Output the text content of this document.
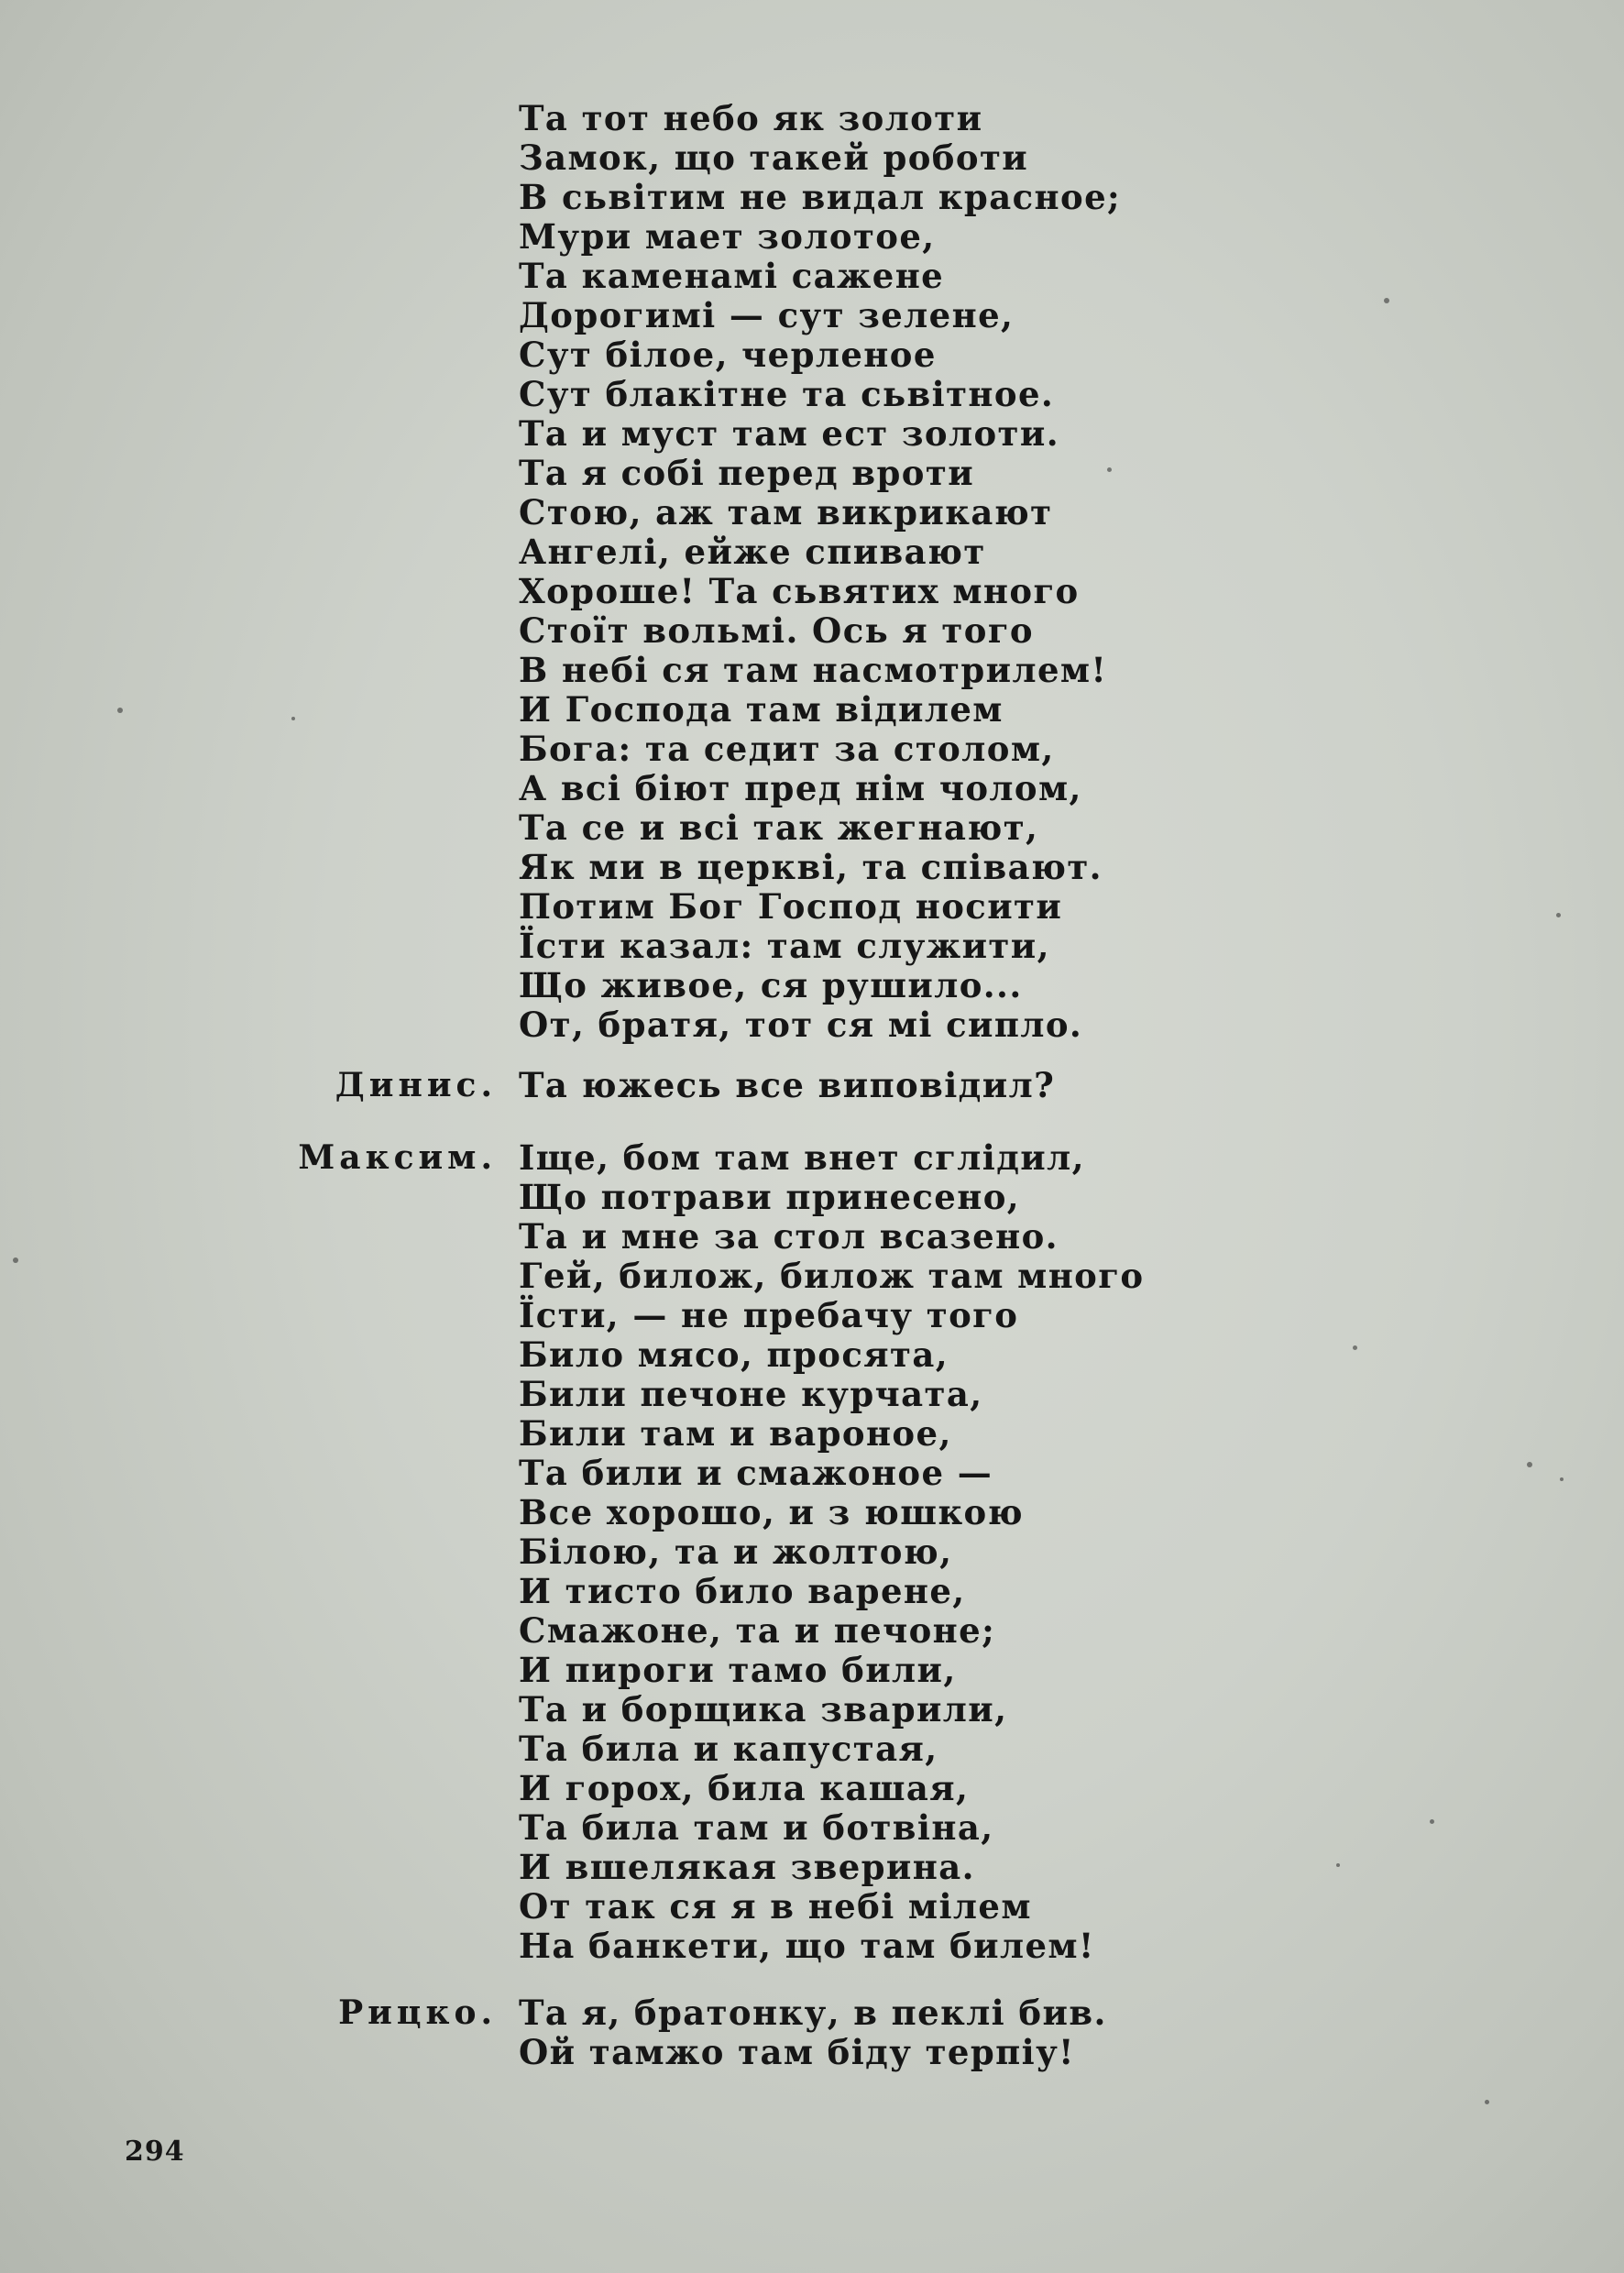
Та тот небо як золоти
Замок, що такей роботи
В сьвітим не видал красное;
Мури мает золотое,
Та каменамі сажене
Дорогимі — сут зелене,
Сут білое, черленое
Сут блакітне та сьвітное.
Та и муст там ест золоти.
Та я собі перед вроти
Стою, аж там викрикают
Ангелі, ейже спивают
Хороше! Та сьвятих много
Стоїт вольмі. Ось я того
В небі ся там насмотрилем!
И Господа там відилем
Бога: та седит за столом,
А всі біют пред нім чолом,
Та се и всі так жегнают,
Як ми в церкві, та співают.
Потим Бог Господ носити
Їсти казал: там служити,
Що живое, ся рушило...
От, братя, тот ся мі сипло.
Динис. Та южесь все виповідил?
Максим. Іще, бом там внет сглідил,
Що потрави принесено,
Та и мне за стол всазено.
Гей, билож, билож там много
Їсти, — не пребачу того
Било мясо, просята,
Били печоне курчата,
Били там и вароное,
Та били и смажоное —
Все хорошо, и з юшкою
Білою, та и жолтою,
И тисто било варене,
Смажоне, та и печоне;
И пироги тамо били,
Та и борщика зварили,
Та била и капустая,
И горох, била кашая,
Та била там и ботвіна,
И вшелякая зверина.
От так ся я в небі мілем
На банкети, що там билем!
Рицко. Та я, братонку, в пеклі бив.
Ой тамжо там біду терпіу!
294
